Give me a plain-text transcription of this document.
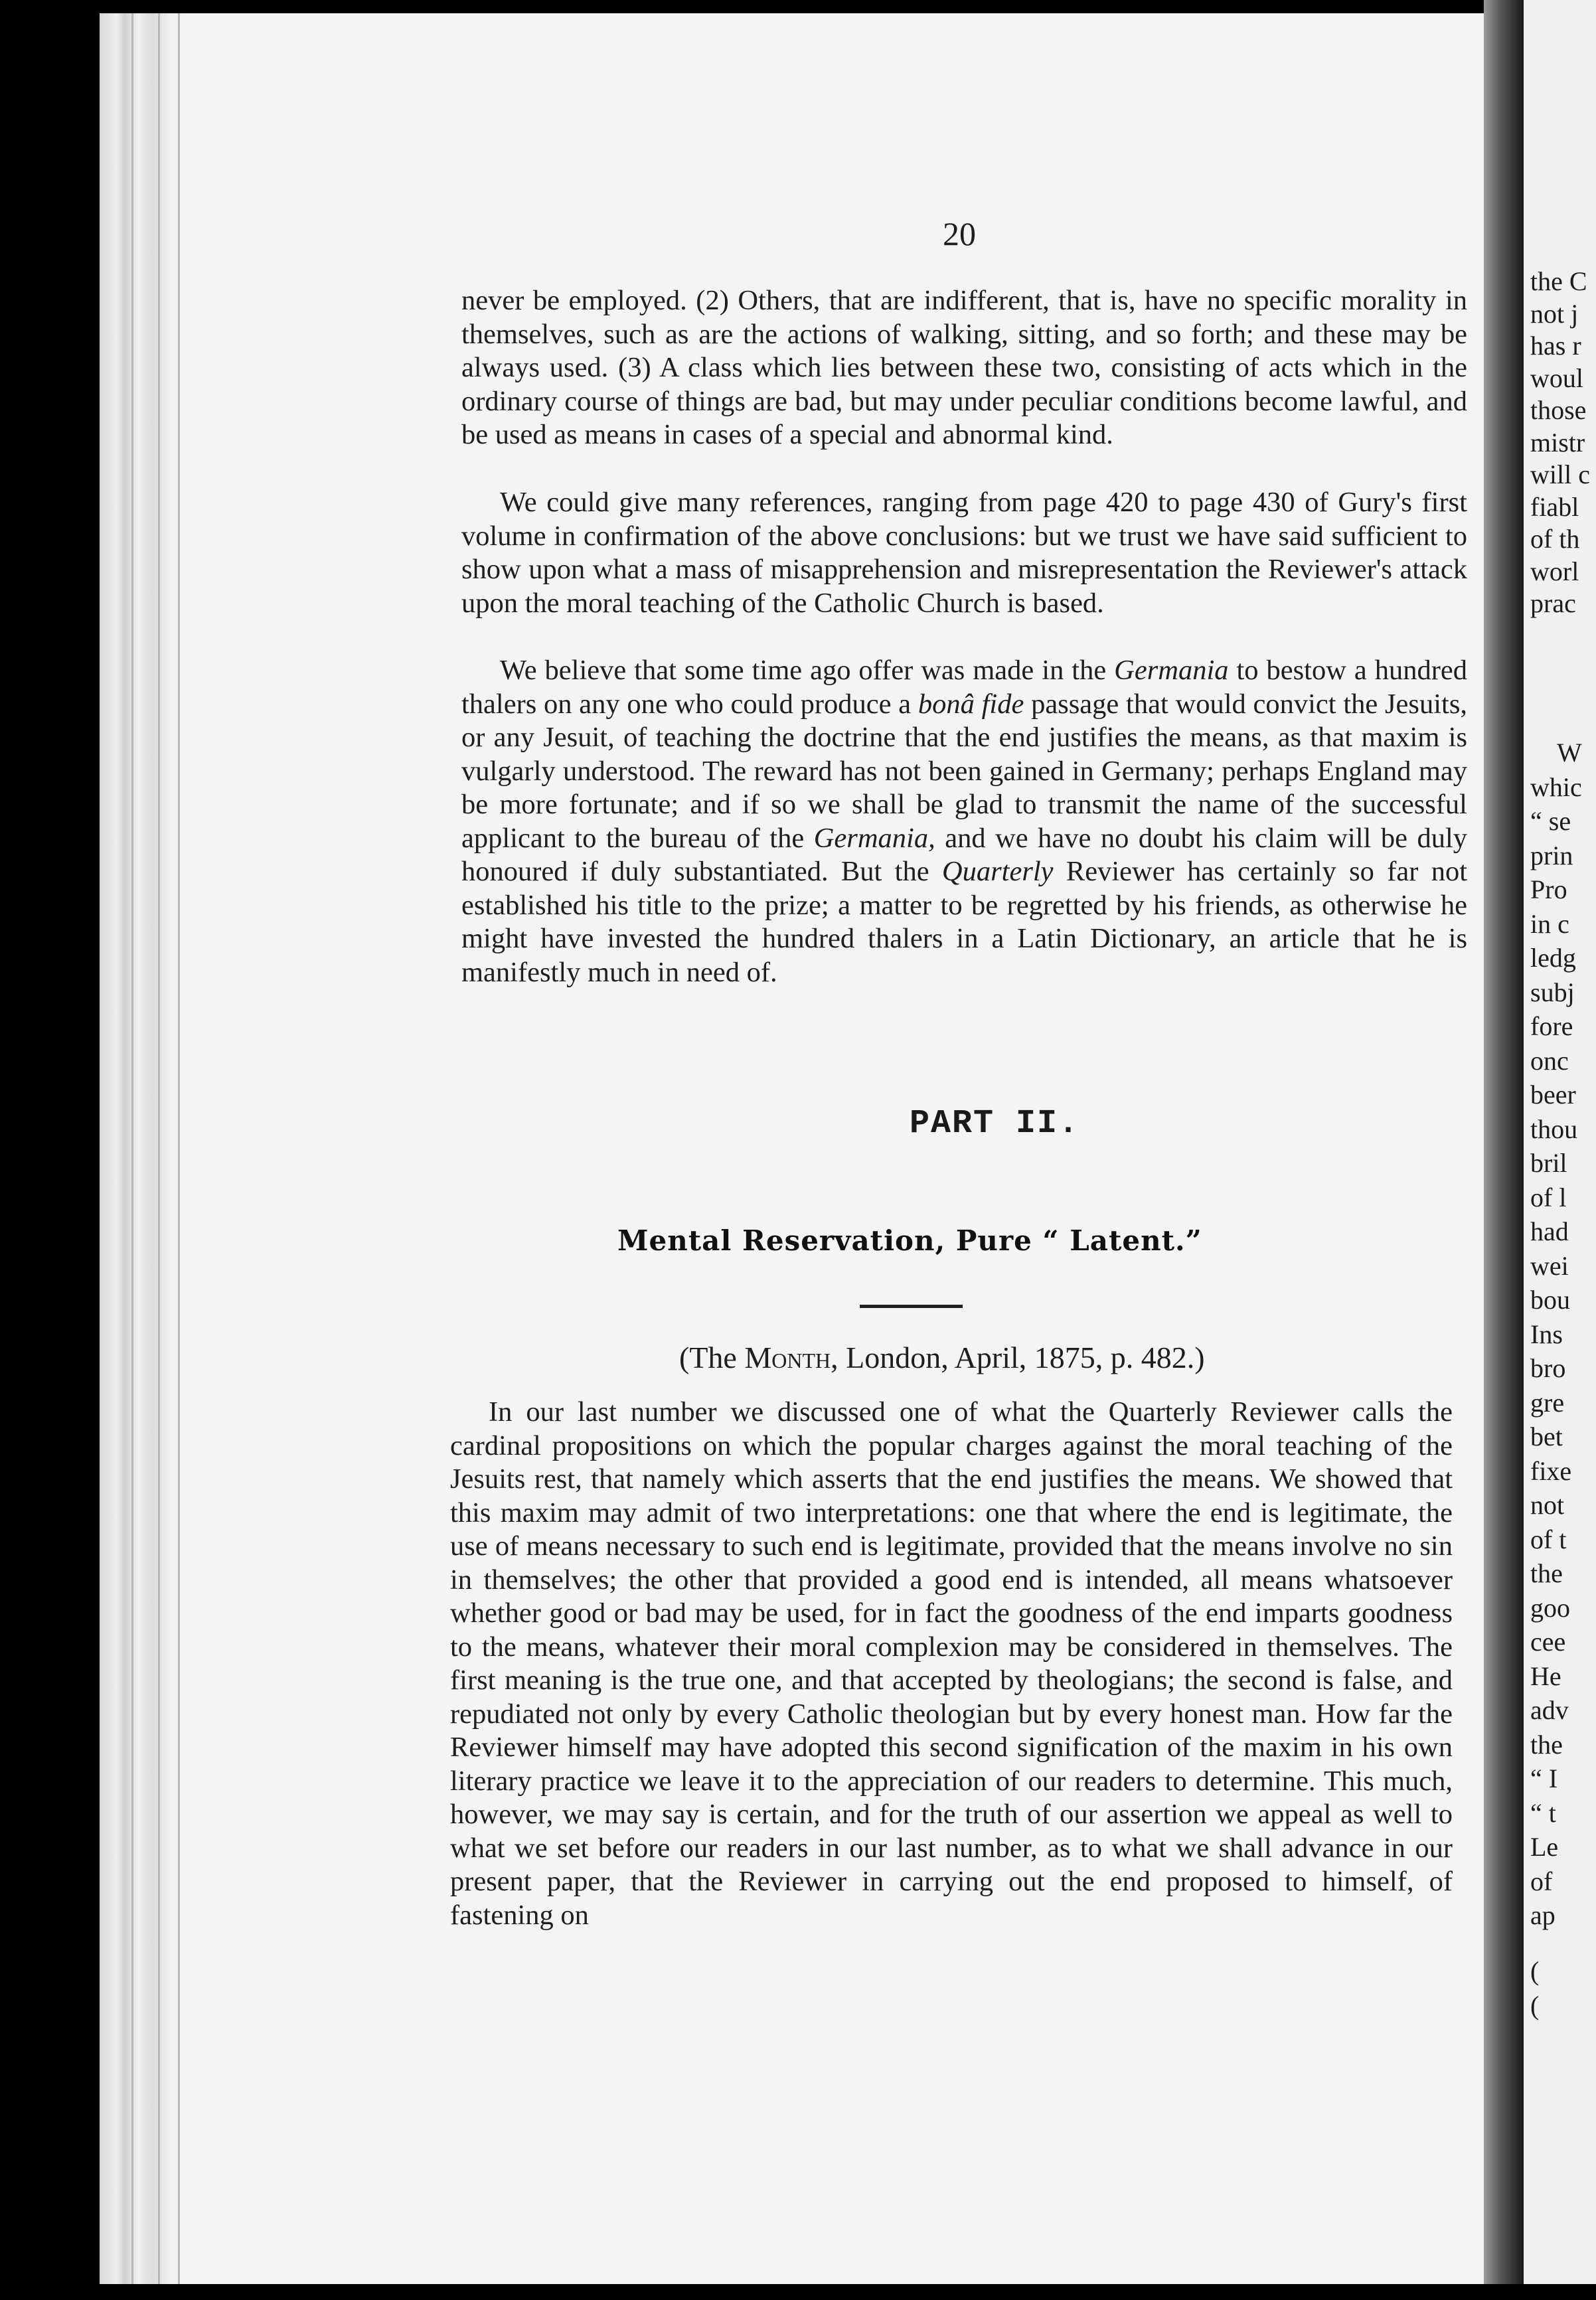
the C

not j

has r

woul

those

mistr

will c

fiabl

of th

worl

prac

W

whic

“ se

prin

Pro

in c

ledg

subj

fore

onc

beer

thou

bril

of l

had

wei

bou

Ins

bro

gre

bet

fixe

not

of t

the

goo

cee

He

adv

the

“ I

“ t

Le

of

ap

(

(

20

never be employed. (2) Others, that are indifferent, that is, have no specific morality in themselves, such as are the actions of walking, sitting, and so forth; and these may be always used. (3) A class which lies between these two, consisting of acts which in the ordinary course of things are bad, but may under peculiar conditions become lawful, and be used as means in cases of a special and abnormal kind.

We could give many references, ranging from page 420 to page 430 of Gury's first volume in confirmation of the above conclusions: but we trust we have said sufficient to show upon what a mass of misapprehension and misrepresentation the Reviewer's attack upon the moral teaching of the Catholic Church is based.

We believe that some time ago offer was made in the Germania to bestow a hundred thalers on any one who could produce a bonâ fide passage that would convict the Jesuits, or any Jesuit, of teaching the doctrine that the end justifies the means, as that maxim is vulgarly understood. The reward has not been gained in Germany; perhaps England may be more fortunate; and if so we shall be glad to transmit the name of the successful applicant to the bureau of the Germania, and we have no doubt his claim will be duly honoured if duly substantiated. But the Quarterly Reviewer has certainly so far not established his title to the prize; a matter to be regretted by his friends, as otherwise he might have invested the hundred thalers in a Latin Dictionary, an article that he is manifestly much in need of.

PART II.
Mental Reservation, Pure “ Latent.”

(The Month, London, April, 1875, p. 482.)

In our last number we discussed one of what the Quarterly Reviewer calls the cardinal propositions on which the popular charges against the moral teaching of the Jesuits rest, that namely which asserts that the end justifies the means. We showed that this maxim may admit of two interpretations: one that where the end is legitimate, the use of means necessary to such end is legitimate, provided that the means involve no sin in themselves; the other that provided a good end is intended, all means whatsoever whether good or bad may be used, for in fact the goodness of the end imparts goodness to the means, whatever their moral complexion may be considered in themselves. The first meaning is the true one, and that accepted by theologians; the second is false, and repudiated not only by every Catholic theologian but by every honest man. How far the Reviewer himself may have adopted this second signification of the maxim in his own literary practice we leave it to the appreciation of our readers to determine. This much, however, we may say is certain, and for the truth of our assertion we appeal as well to what we set before our readers in our last number, as to what we shall advance in our present paper, that the Reviewer in carrying out the end proposed to himself, of fastening on
